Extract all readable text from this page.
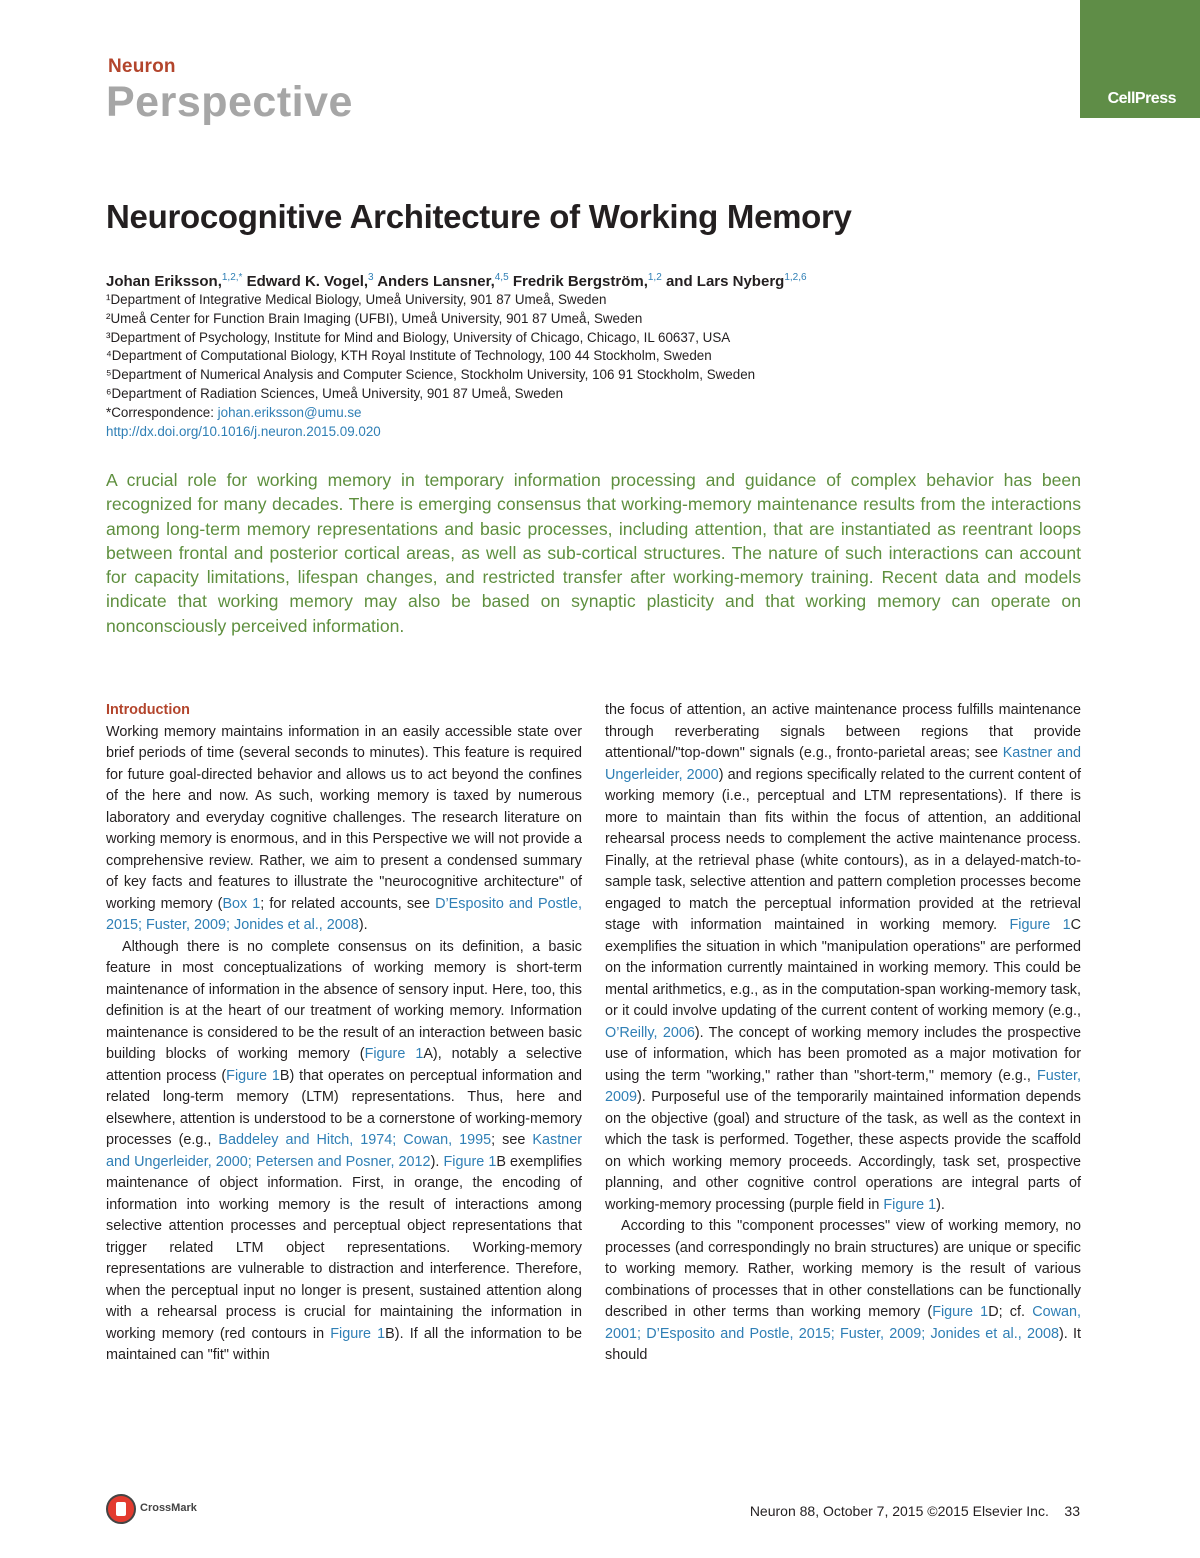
Neuron
Perspective	CellPress
Neurocognitive Architecture of Working Memory
Johan Eriksson,$^{1,2,*}$ Edward K. Vogel,$^3$ Anders Lansner,$^{4,5}$ Fredrik Bergström,$^{1,2}$ and Lars Nyberg$^{1,2,6}$
¹Department of Integrative Medical Biology, Umeå University, 901 87 Umeå, Sweden
²Umeå Center for Function Brain Imaging (UFBI), Umeå University, 901 87 Umeå, Sweden
³Department of Psychology, Institute for Mind and Biology, University of Chicago, Chicago, IL 60637, USA
⁴Department of Computational Biology, KTH Royal Institute of Technology, 100 44 Stockholm, Sweden
⁵Department of Numerical Analysis and Computer Science, Stockholm University, 106 91 Stockholm, Sweden
⁶Department of Radiation Sciences, Umeå University, 901 87 Umeå, Sweden
*Correspondence: johan.eriksson@umu.se
http://dx.doi.org/10.1016/j.neuron.2015.09.020

A crucial role for working memory in temporary information processing and guidance of complex behavior has been recognized for many decades. There is emerging consensus that working-memory maintenance results from the interactions among long-term memory representations and basic processes, including attention, that are instantiated as reentrant loops between frontal and posterior cortical areas, as well as sub-cortical structures. The nature of such interactions can account for capacity limitations, lifespan changes, and restricted transfer after working-memory training. Recent data and models indicate that working memory may also be based on synaptic plasticity and that working memory can operate on nonconsciously perceived information.

Introduction

Working memory maintains information in an easily accessible state over brief periods of time (several seconds to minutes). This feature is required for future goal-directed behavior and allows us to act beyond the confines of the here and now. As such, working memory is taxed by numerous laboratory and everyday cognitive challenges. The research literature on working memory is enormous, and in this Perspective we will not provide a comprehensive review. Rather, we aim to present a condensed summary of key facts and features to illustrate the "neurocognitive architecture" of working memory (Box 1; for related accounts, see D’Esposito and Postle, 2015; Fuster, 2009; Jonides et al., 2008).

Although there is no complete consensus on its definition, a basic feature in most conceptualizations of working memory is short-term maintenance of information in the absence of sensory input. Here, too, this definition is at the heart of our treatment of working memory. Information maintenance is considered to be the result of an interaction between basic building blocks of working memory (Figure 1A), notably a selective attention process (Figure 1B) that operates on perceptual information and related long-term memory (LTM) representations. Thus, here and elsewhere, attention is understood to be a cornerstone of working-memory processes (e.g., Baddeley and Hitch, 1974; Cowan, 1995; see Kastner and Ungerleider, 2000; Petersen and Posner, 2012). Figure 1B exemplifies maintenance of object information. First, in orange, the encoding of information into working memory is the result of interactions among selective attention processes and perceptual object representations that trigger related LTM object representations. Working-memory representations are vulnerable to distraction and interference. Therefore, when the perceptual input no longer is present, sustained attention along with a rehearsal process is crucial for maintaining the information in working memory (red contours in Figure 1B). If all the information to be maintained can "fit" within

the focus of attention, an active maintenance process fulfills maintenance through reverberating signals between regions that provide attentional/"top-down" signals (e.g., fronto-parietal areas; see Kastner and Ungerleider, 2000) and regions specifically related to the current content of working memory (i.e., perceptual and LTM representations). If there is more to maintain than fits within the focus of attention, an additional rehearsal process needs to complement the active maintenance process. Finally, at the retrieval phase (white contours), as in a delayed-match-to-sample task, selective attention and pattern completion processes become engaged to match the perceptual information provided at the retrieval stage with information maintained in working memory. Figure 1C exemplifies the situation in which "manipulation operations" are performed on the information currently maintained in working memory. This could be mental arithmetics, e.g., as in the computation-span working-memory task, or it could involve updating of the current content of working memory (e.g., O’Reilly, 2006). The concept of working memory includes the prospective use of information, which has been promoted as a major motivation for using the term "working," rather than "short-term," memory (e.g., Fuster, 2009). Purposeful use of the temporarily maintained information depends on the objective (goal) and structure of the task, as well as the context in which the task is performed. Together, these aspects provide the scaffold on which working memory proceeds. Accordingly, task set, prospective planning, and other cognitive control operations are integral parts of working-memory processing (purple field in Figure 1).

According to this "component processes" view of working memory, no processes (and correspondingly no brain structures) are unique or specific to working memory. Rather, working memory is the result of various combinations of processes that in other constellations can be functionally described in other terms than working memory (Figure 1D; cf. Cowan, 2001; D’Esposito and Postle, 2015; Fuster, 2009; Jonides et al., 2008). It should

CrossMark	Neuron 88, October 7, 2015 ©2015 Elsevier Inc. 33
